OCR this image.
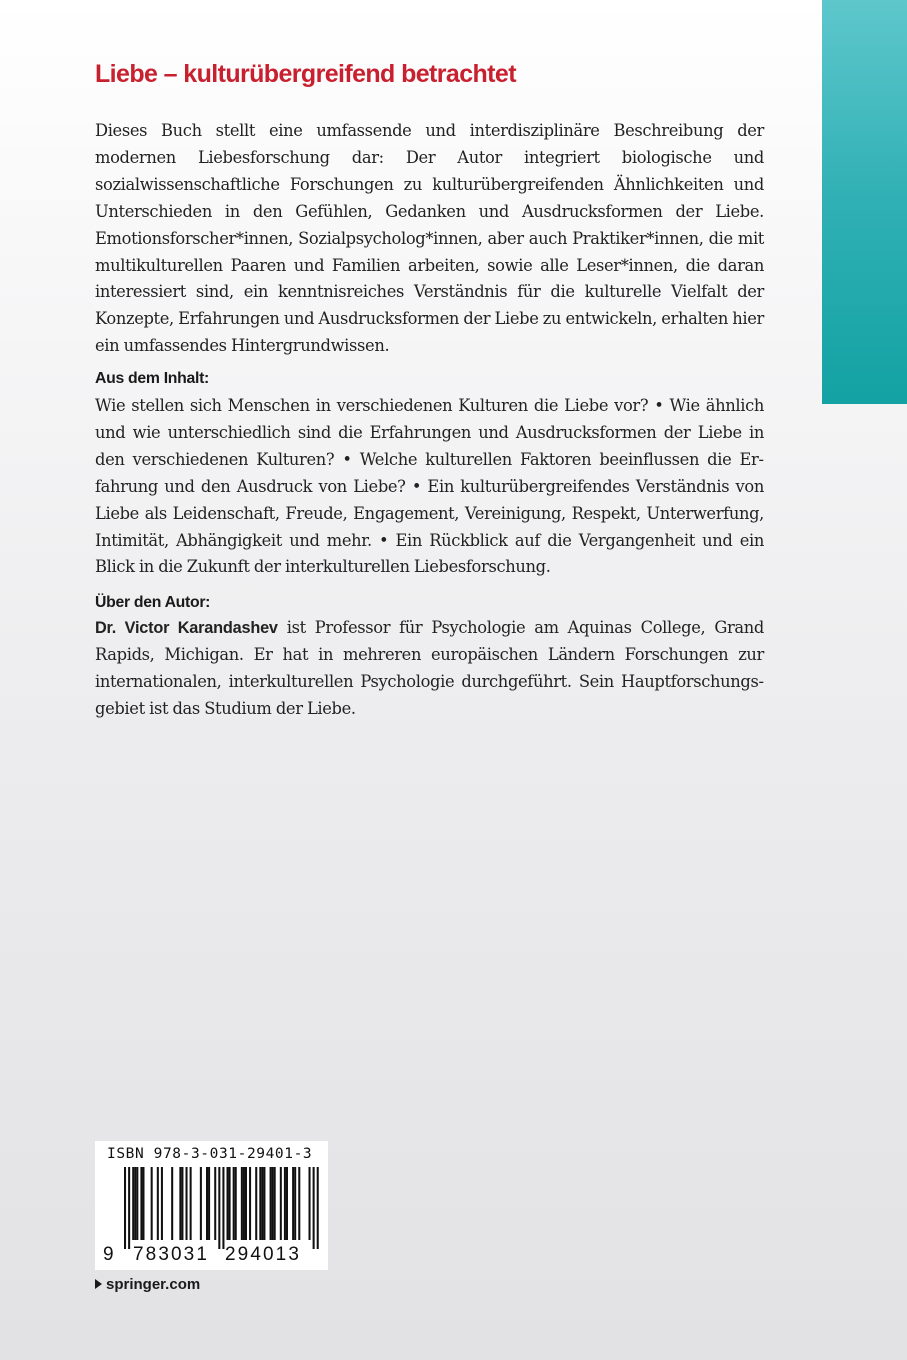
Liebe – kulturübergreifend betrachtet

Dieses Buch stellt eine umfassende und interdisziplinäre Beschreibung der modernen Liebesforschung dar: Der Autor integriert biologische und sozialwissenschaftliche Forschungen zu kulturübergreifenden Ähnlichkeiten und Unterschieden in den Gefühlen, Gedanken und Ausdrucksformen der Liebe. Emotionsforscher*innen, Sozialpsycholog*innen, aber auch Praktiker*innen, die mit multikulturellen Paaren und Familien arbeiten, sowie alle Leser*innen, die daran interessiert sind, ein kenntnisreiches Verständnis für die kulturelle Vielfalt der Konzepte, Erfahrungen und Ausdrucksformen der Liebe zu entwickeln, erhalten hier ein umfassendes Hintergrundwissen.

Aus dem Inhalt:

Wie stellen sich Menschen in verschiedenen Kulturen die Liebe vor? • Wie ähnlich und wie unterschiedlich sind die Erfahrungen und Ausdrucksformen der Liebe in den verschiedenen Kulturen? • Welche kulturellen Faktoren beeinflussen die Erfahrung und den Ausdruck von Liebe? • Ein kulturübergreifendes Verständnis von Liebe als Leidenschaft, Freude, Engagement, Vereinigung, Respekt, Unterwerfung, Intimität, Abhängigkeit und mehr. • Ein Rückblick auf die Vergangenheit und ein Blick in die Zukunft der interkulturellen Liebesforschung.

Über den Autor:

Dr. Victor Karandashev ist Professor für Psychologie am Aquinas College, Grand Rapids, Michigan. Er hat in mehreren europäischen Ländern Forschungen zur internationalen, interkulturellen Psychologie durchgeführt. Sein Hauptforschungsgebiet ist das Studium der Liebe.

ISBN 978-3-031-29401-3
9 783031 294013
springer.com
